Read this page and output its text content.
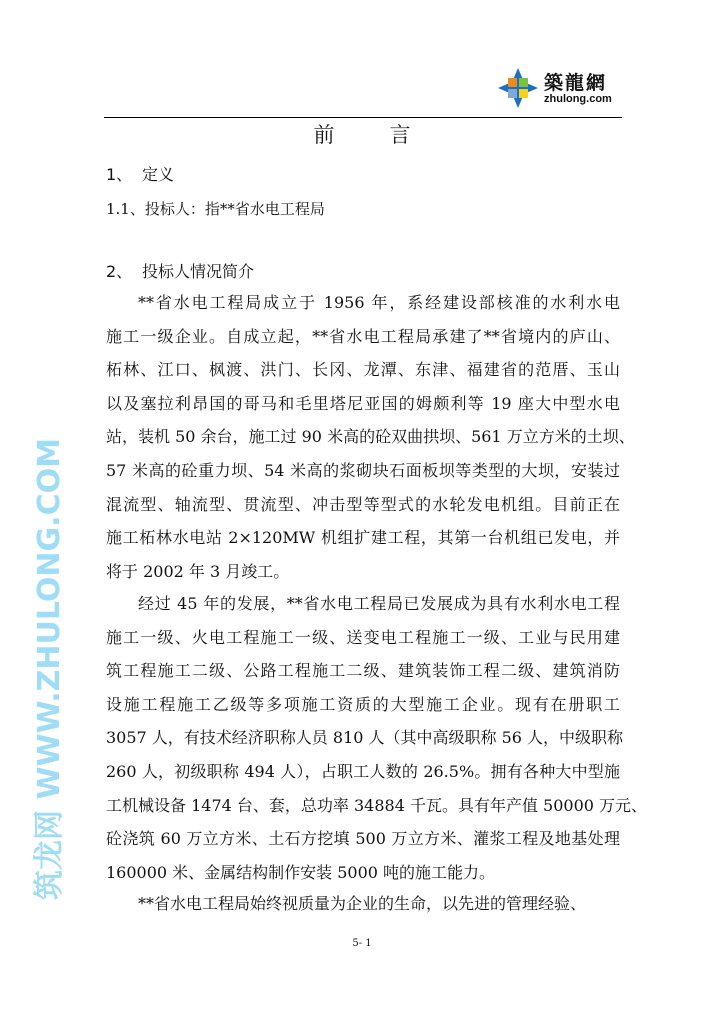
築龍網
zhulong.com
前言
1、 定义
1.1、投标人：指**省水电工程局
2、 投标人情况简介
**省水电工程局成立于 1956 年，系经建设部核准的水利水电
施工一级企业。自成立起，**省水电工程局承建了**省境内的庐山、
柘林、江口、枫渡、洪门、长冈、龙潭、东津、福建省的范厝、玉山
以及塞拉利昂国的哥马和毛里塔尼亚国的姆颇利等 19 座大中型水电
站，装机 50 余台，施工过 90 米高的砼双曲拱坝、561 万立方米的土坝、
57 米高的砼重力坝、54 米高的浆砌块石面板坝等类型的大坝，安装过
混流型、轴流型、贯流型、冲击型等型式的水轮发电机组。目前正在
施工柘林水电站 2×120MW 机组扩建工程，其第一台机组已发电，并
将于 2002 年 3 月竣工。
经过 45 年的发展，**省水电工程局已发展成为具有水利水电工程
施工一级、火电工程施工一级、送变电工程施工一级、工业与民用建
筑工程施工二级、公路工程施工二级、建筑装饰工程二级、建筑消防
设施工程施工乙级等多项施工资质的大型施工企业。现有在册职工
3057 人，有技术经济职称人员 810 人（其中高级职称 56 人，中级职称
260 人，初级职称 494 人），占职工人数的 26.5%。拥有各种大中型施
工机械设备 1474 台、套，总功率 34884 千瓦。具有年产值 50000 万元、
砼浇筑 60 万立方米、土石方挖填 500 万立方米、灌浆工程及地基处理
160000 米、金属结构制作安装 5000 吨的施工能力。
**省水电工程局始终视质量为企业的生命，以先进的管理经验、
筑龙网 WWW.ZHULONG.COM
5- 1
